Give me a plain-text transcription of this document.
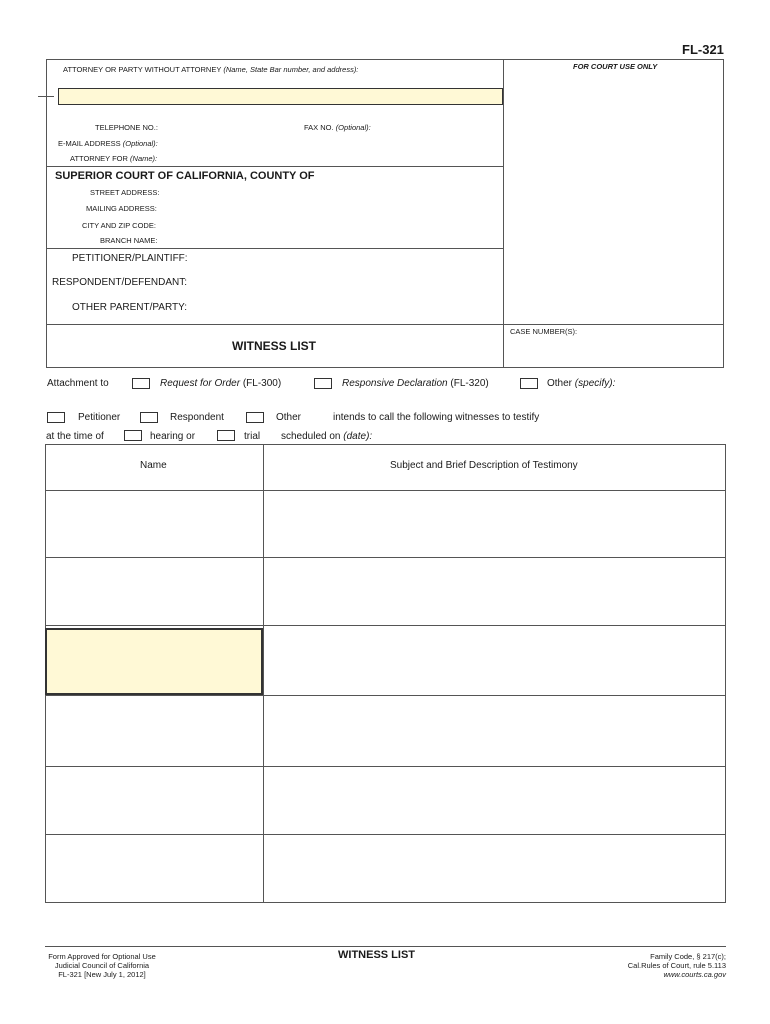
FL-321
ATTORNEY OR PARTY WITHOUT ATTORNEY (Name, State Bar number, and address):	FOR COURT USE ONLY
TELEPHONE NO.:	FAX NO. (Optional):
E-MAIL ADDRESS (Optional):
ATTORNEY FOR (Name):
SUPERIOR COURT OF CALIFORNIA, COUNTY OF
STREET ADDRESS:
MAILING ADDRESS:
CITY AND ZIP CODE:
BRANCH NAME:
PETITIONER/PLAINTIFF:
RESPONDENT/DEFENDANT:
OTHER PARENT/PARTY:
CASE NUMBER(S):
WITNESS LIST
Attachment to	Request for Order (FL-300)	Responsive Declaration (FL-320)	Other (specify):
Petitioner	Respondent	Other	intends to call the following witnesses to testify
at the time of	hearing or	trial scheduled on (date):
Name	Subject and Brief Description of Testimony
Form Approved for Optional Use
Judicial Council of California
FL-321 [New July 1, 2012]
WITNESS LIST	Family Code, § 217(c);
Cal.Rules of Court, rule 5.113
www.courts.ca.gov
